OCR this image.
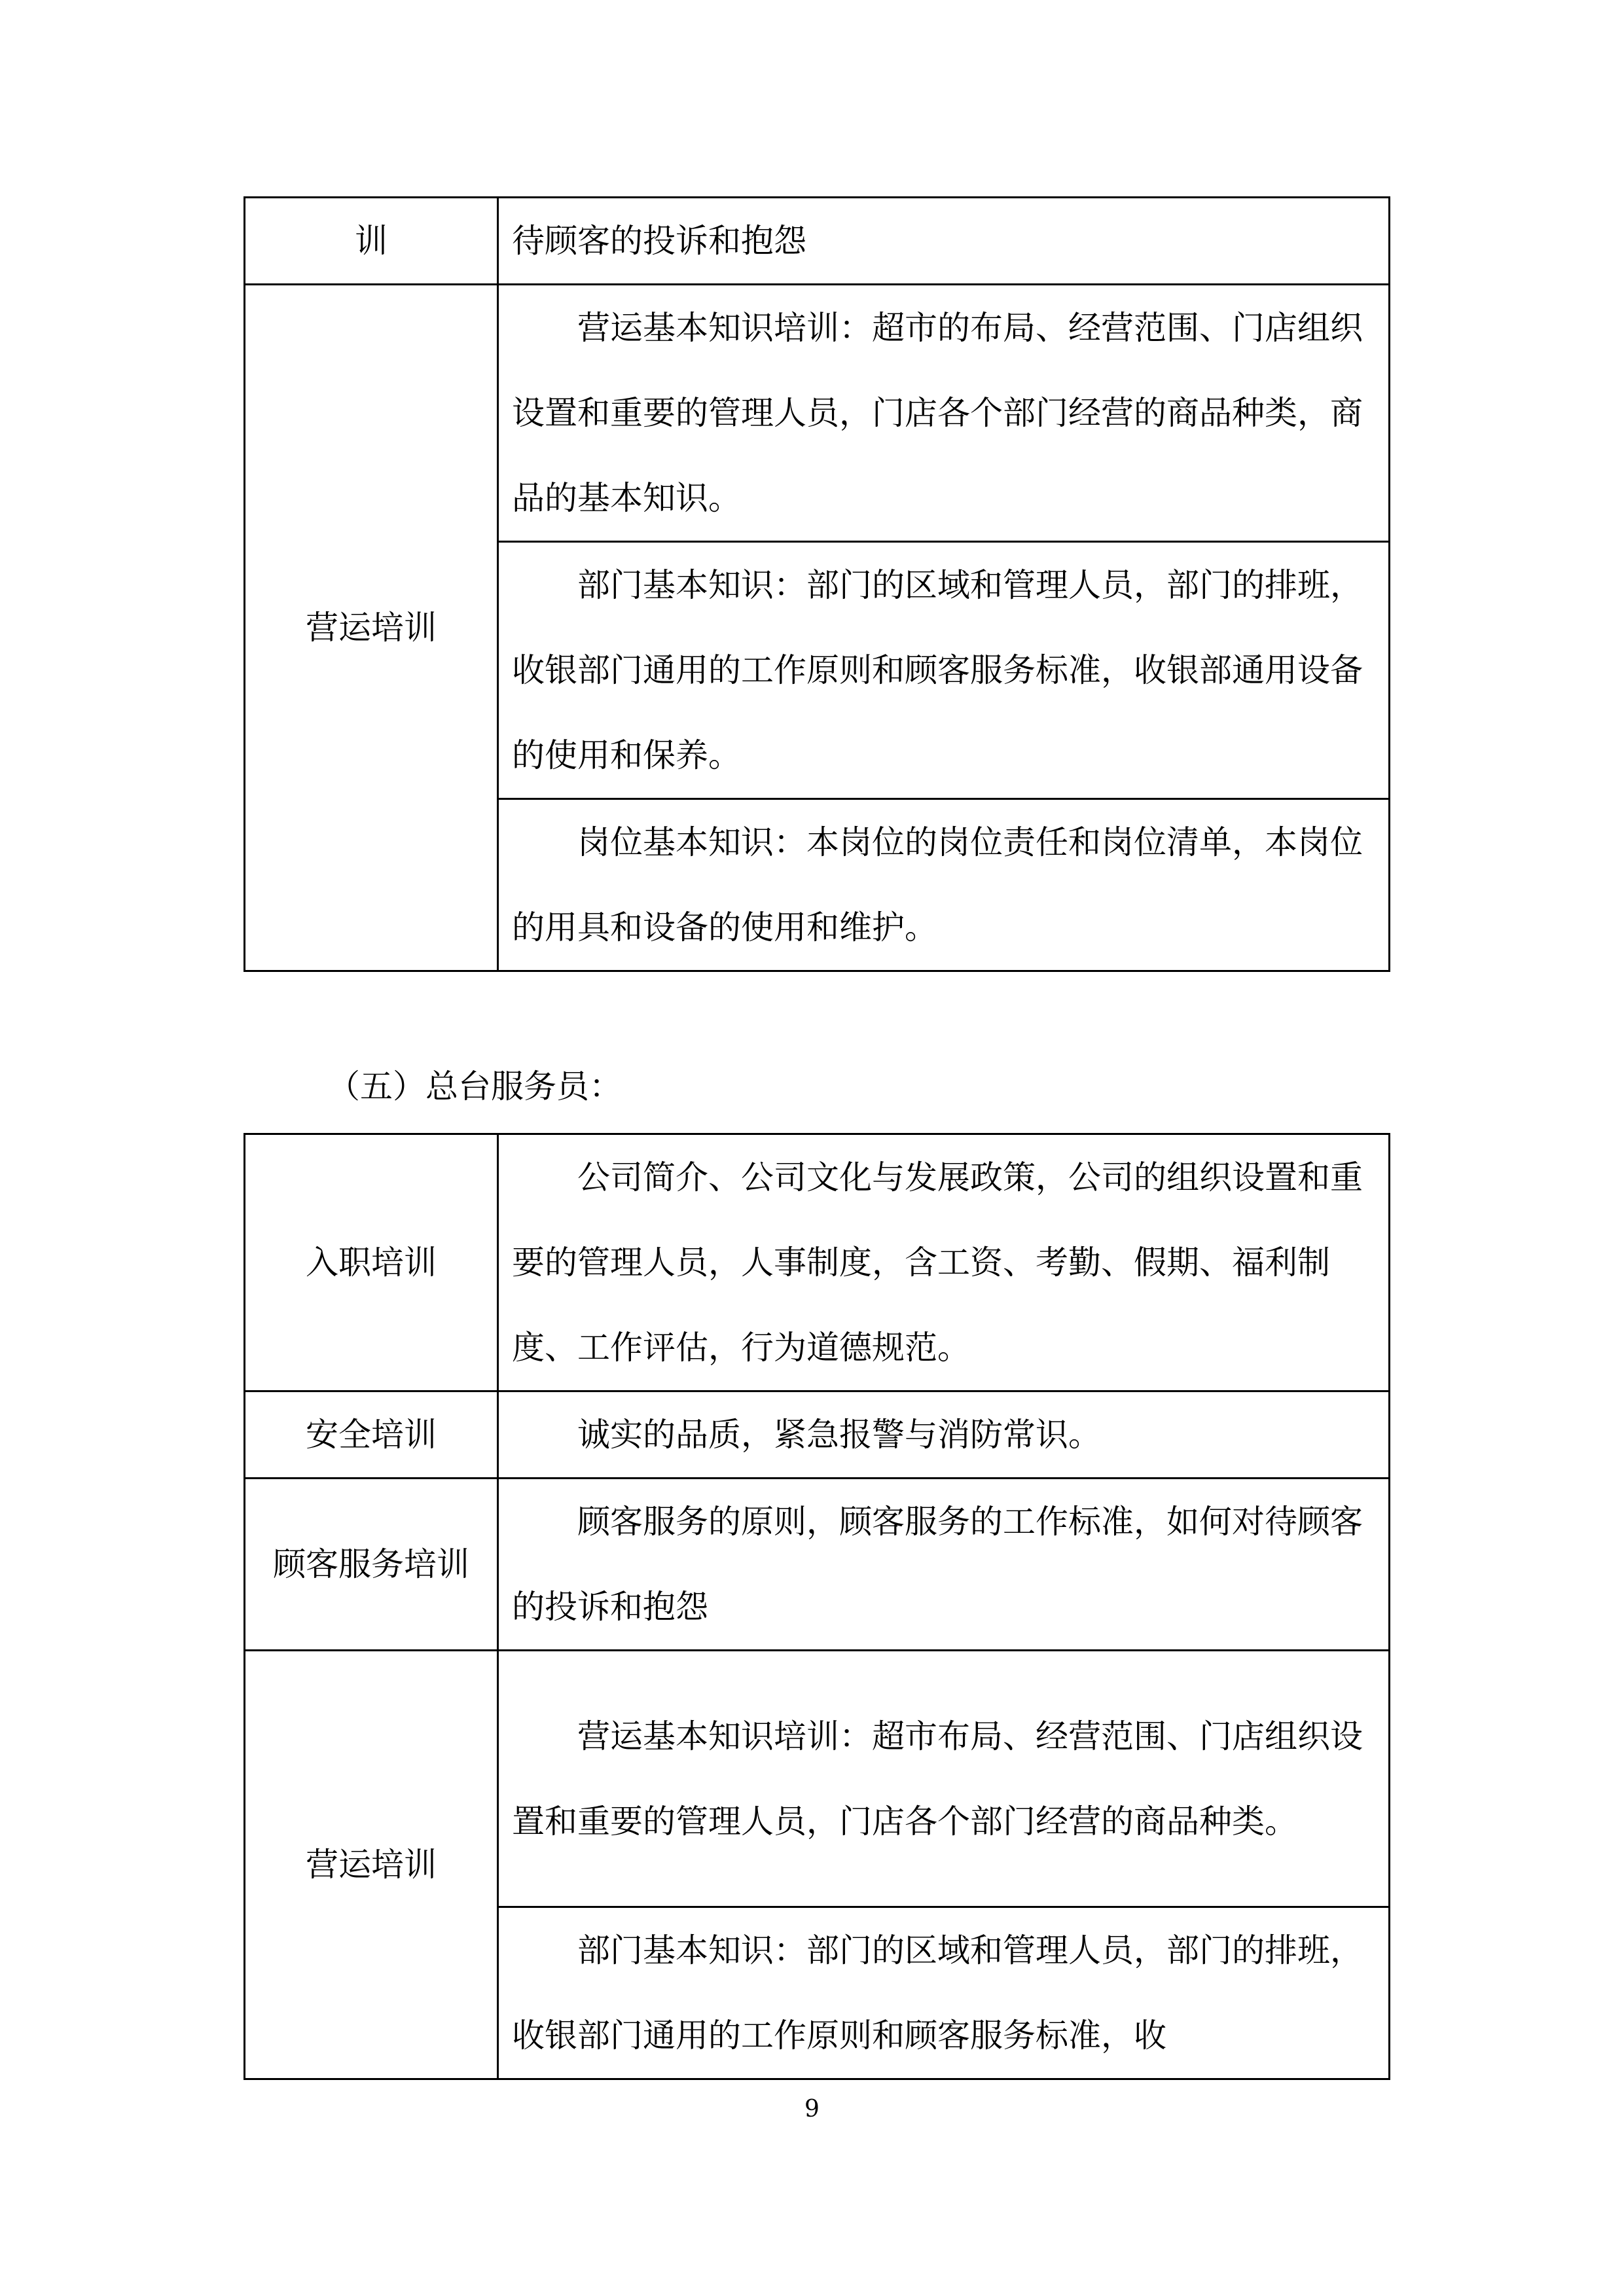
训	待顾客的投诉和抱怨

营运培训	营运基本知识培训：超市的布局、经营范围、门店组织设置和重要的管理人员，门店各个部门经营的商品种类，商品的基本知识。

	部门基本知识：部门的区域和管理人员，部门的排班，收银部门通用的工作原则和顾客服务标准，收银部通用设备的使用和保养。

	岗位基本知识：本岗位的岗位责任和岗位清单，本岗位的用具和设备的使用和维护。
（五）总台服务员：
入职培训	公司简介、公司文化与发展政策，公司的组织设置和重要的管理人员，人事制度，含工资、考勤、假期、福利制度、工作评估，行为道德规范。

安全培训	诚实的品质，紧急报警与消防常识。

顾客服务培训	顾客服务的原则，顾客服务的工作标准，如何对待顾客的投诉和抱怨

营运培训	营运基本知识培训：超市布局、经营范围、门店组织设置和重要的管理人员，门店各个部门经营的商品种类。

	部门基本知识：部门的区域和管理人员，部门的排班，收银部门通用的工作原则和顾客服务标准，收
9
